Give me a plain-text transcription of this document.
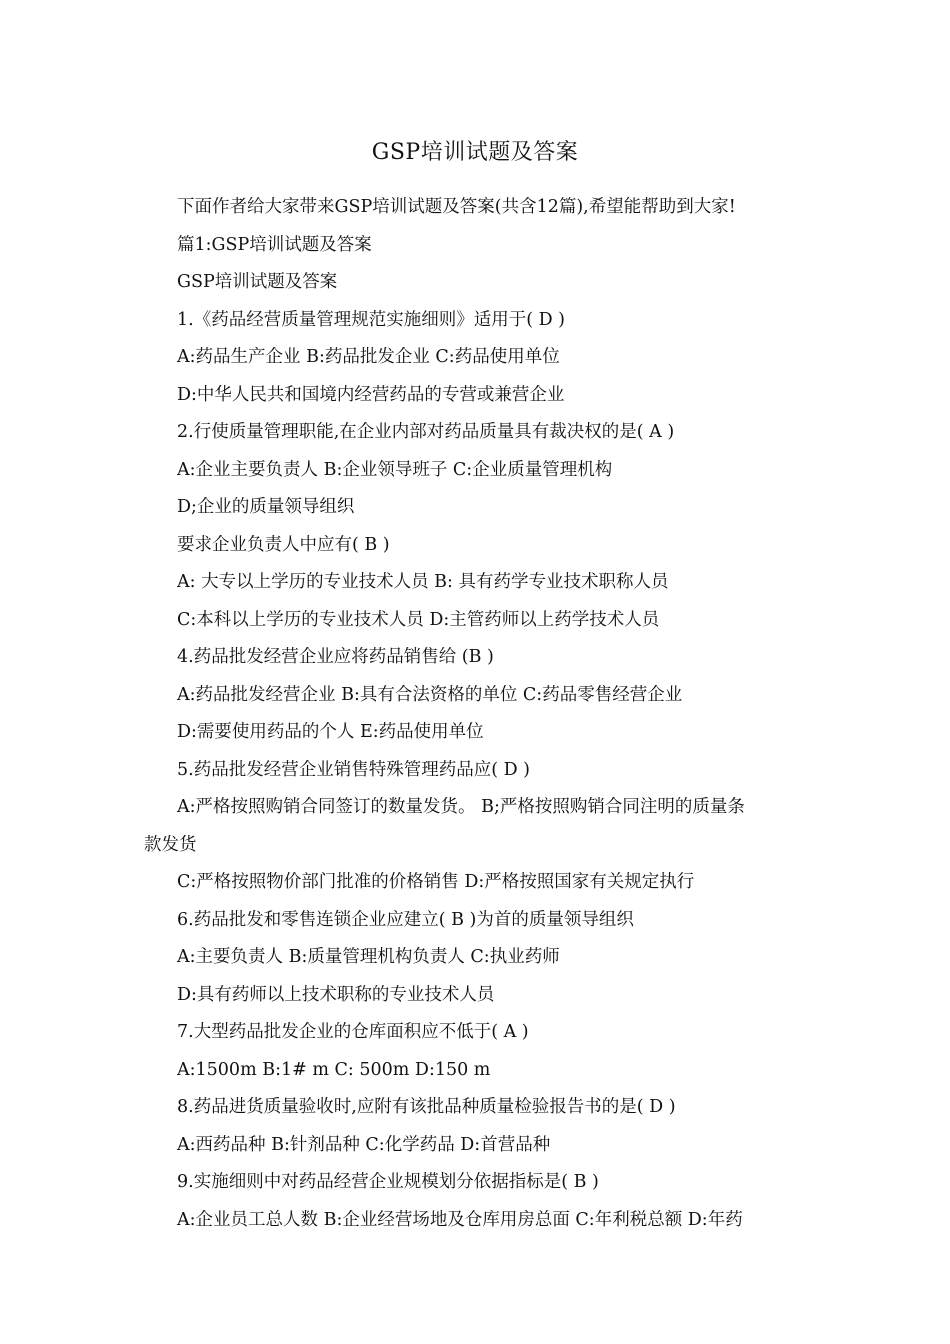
GSP培训试题及答案
下面作者给大家带来GSP培训试题及答案(共含12篇),希望能帮助到大家!
篇1:GSP培训试题及答案
GSP培训试题及答案
1.《药品经营质量管理规范实施细则》适用于( D )
A:药品生产企业 B:药品批发企业 C:药品使用单位
D:中华人民共和国境内经营药品的专营或兼营企业
2.行使质量管理职能,在企业内部对药品质量具有裁决权的是( A )
A:企业主要负责人 B:企业领导班子 C:企业质量管理机构
D;企业的质量领导组织
要求企业负责人中应有( B )
A: 大专以上学历的专业技术人员 B: 具有药学专业技术职称人员
C:本科以上学历的专业技术人员 D:主管药师以上药学技术人员
4.药品批发经营企业应将药品销售给 (B )
A:药品批发经营企业 B:具有合法资格的单位 C:药品零售经营企业
D:需要使用药品的个人 E:药品使用单位
5.药品批发经营企业销售特殊管理药品应( D )
A:严格按照购销合同签订的数量发货。 B;严格按照购销合同注明的质量条
款发货
C:严格按照物价部门批准的价格销售 D:严格按照国家有关规定执行
6.药品批发和零售连锁企业应建立( B )为首的质量领导组织
A:主要负责人 B:质量管理机构负责人 C:执业药师
D:具有药师以上技术职称的专业技术人员
7.大型药品批发企业的仓库面积应不低于( A )
A:1500m B:1# m C: 500m D:150 m
8.药品进货质量验收时,应附有该批品种质量检验报告书的是( D )
A:西药品种 B:针剂品种 C:化学药品 D:首营品种
9.实施细则中对药品经营企业规模划分依据指标是( B )
A:企业员工总人数 B:企业经营场地及仓库用房总面 C:年利税总额 D:年药
